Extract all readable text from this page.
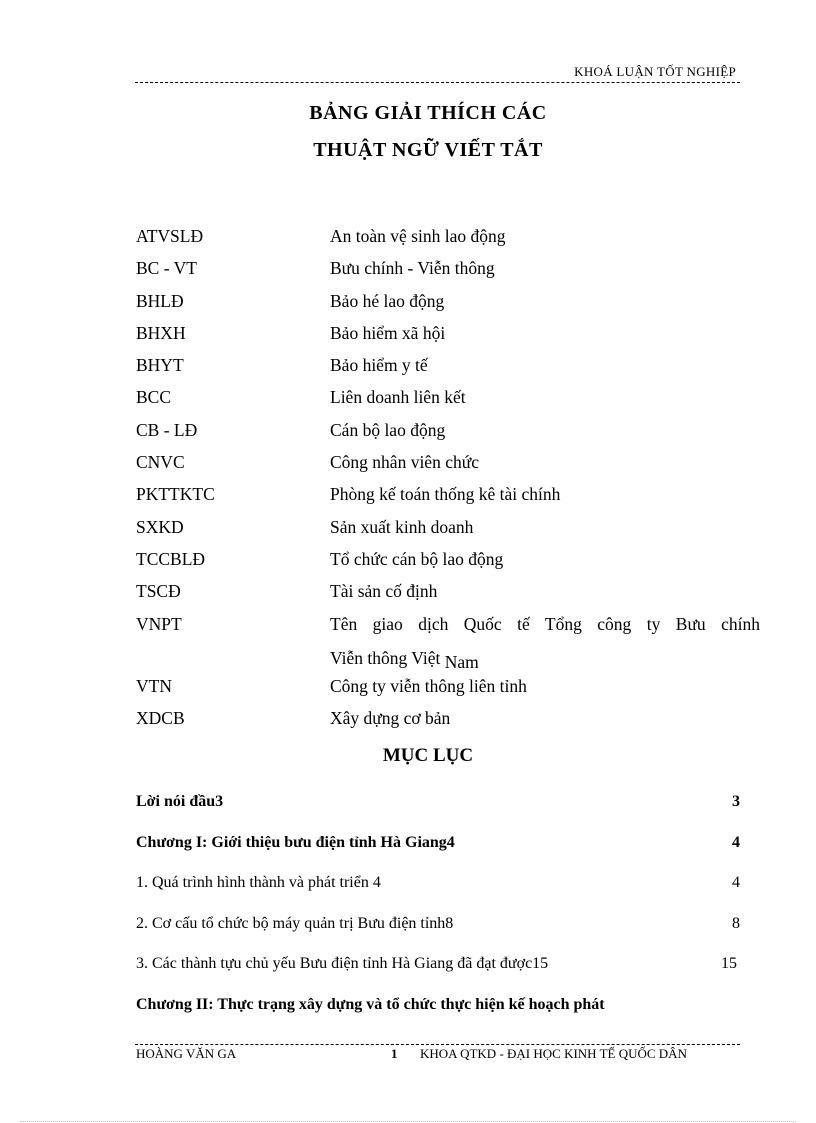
KHOÁ LUẬN TỐT NGHIỆP
BẢNG GIẢI THÍCH CÁC
THUẬT NGỮ VIẾT TẮT
ATVSLĐ	An toàn vệ sinh lao động
BC - VT	Bưu chính - Viễn thông
BHLĐ	Bảo hé lao động
BHXH	Bảo hiểm xã hội
BHYT	Bảo hiểm y tế
BCC	Liên doanh liên kết
CB - LĐ	Cán bộ lao động
CNVC	Công nhân viên chức
PKTTKTC	Phòng kế toán thống kê tài chính
SXKD	Sản xuất kinh doanh
TCCBLĐ	Tổ chức cán bộ lao động
TSCĐ	Tài sản cố định
VNPT	Tên giao dịch Quốc tế Tổng công ty Bưu chính
Viễn thông Việt Nam
VTN	Công ty viễn thông liên tỉnh
XDCB	Xây dựng cơ bản
MỤC LỤC
Lời nói đầu3	3
Chương I: Giới thiệu bưu điện tỉnh Hà Giang4	4
1. Quá trình hình thành và phát triển 4	4
2. Cơ cấu tổ chức bộ máy quản trị Bưu điện tỉnh8	8
3. Các thành tựu chủ yếu Bưu điện tỉnh Hà Giang đã đạt được15	15
Chương II: Thực trạng xây dựng và tổ chức thực hiện kế hoạch phát
HOÀNG VĂN GA	1 KHOA QTKD - ĐẠI HỌC KINH TẾ QUỐC DÂN
